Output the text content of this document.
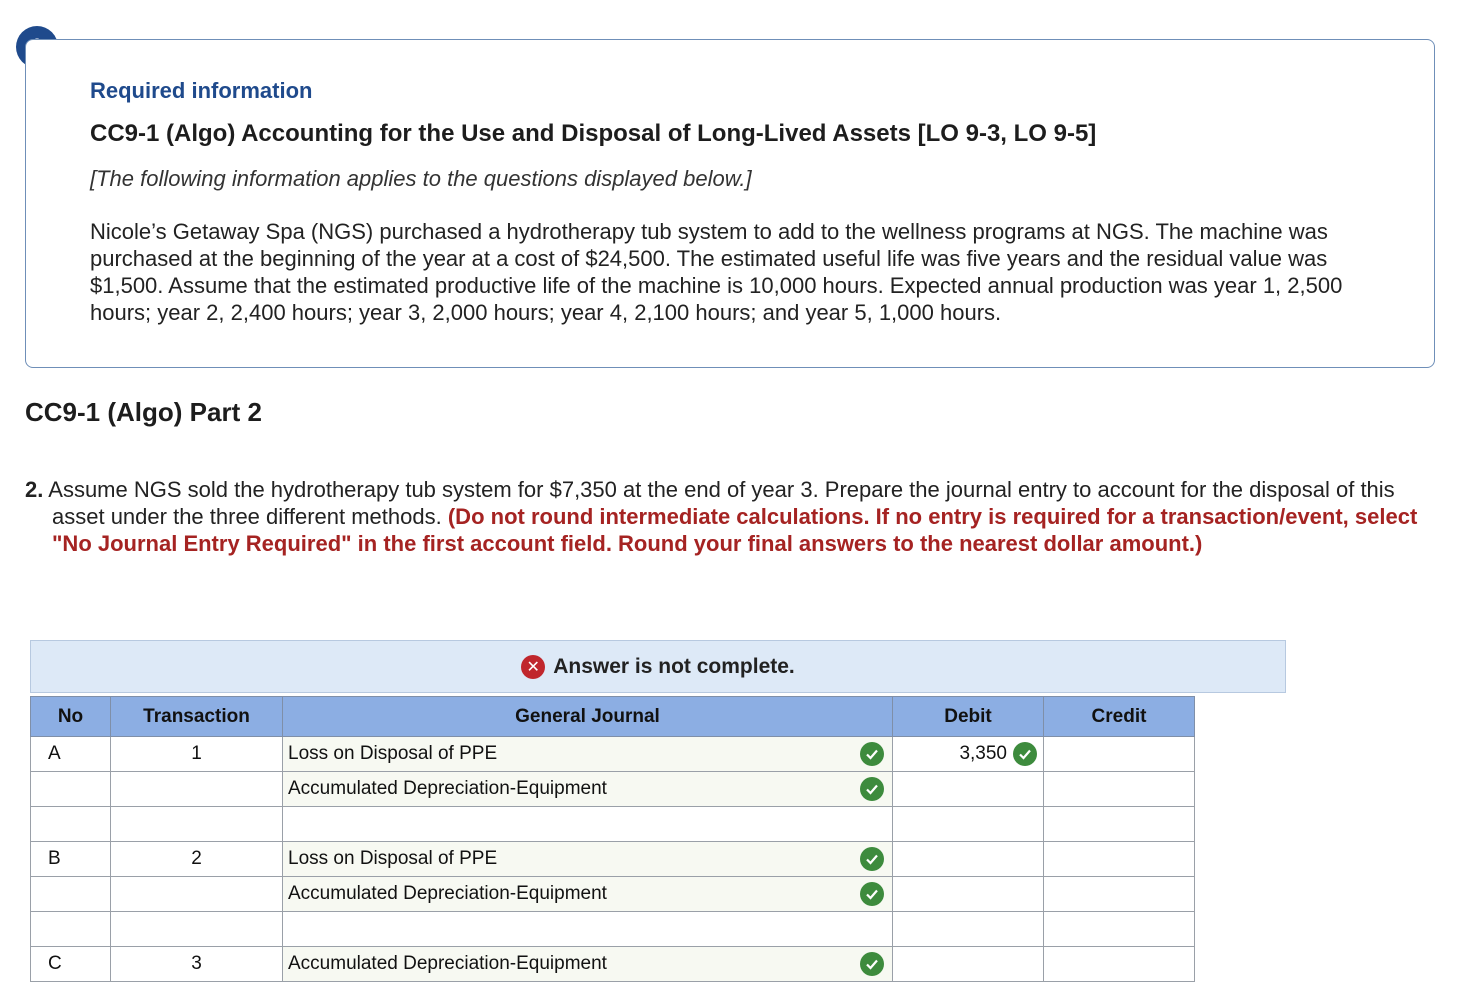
Required information
CC9-1 (Algo) Accounting for the Use and Disposal of Long-Lived Assets [LO 9-3, LO 9-5]
[The following information applies to the questions displayed below.]
Nicole’s Getaway Spa (NGS) purchased a hydrotherapy tub system to add to the wellness programs at NGS. The machine was purchased at the beginning of the year at a cost of $24,500. The estimated useful life was five years and the residual value was $1,500. Assume that the estimated productive life of the machine is 10,000 hours. Expected annual production was year 1, 2,500 hours; year 2, 2,400 hours; year 3, 2,000 hours; year 4, 2,100 hours; and year 5, 1,000 hours.
CC9-1 (Algo) Part 2
2. Assume NGS sold the hydrotherapy tub system for $7,350 at the end of year 3. Prepare the journal entry to account for the disposal of this asset under the three different methods. (Do not round intermediate calculations. If no entry is required for a transaction/event, select "No Journal Entry Required" in the first account field. Round your final answers to the nearest dollar amount.)
✕ Answer is not complete.
No	Transaction	General Journal	Debit	Credit
A	1	Loss on Disposal of PPE	3,350	

		Accumulated Depreciation-Equipment		

B	2	Loss on Disposal of PPE		

		Accumulated Depreciation-Equipment		

C	3	Accumulated Depreciation-Equipment		
